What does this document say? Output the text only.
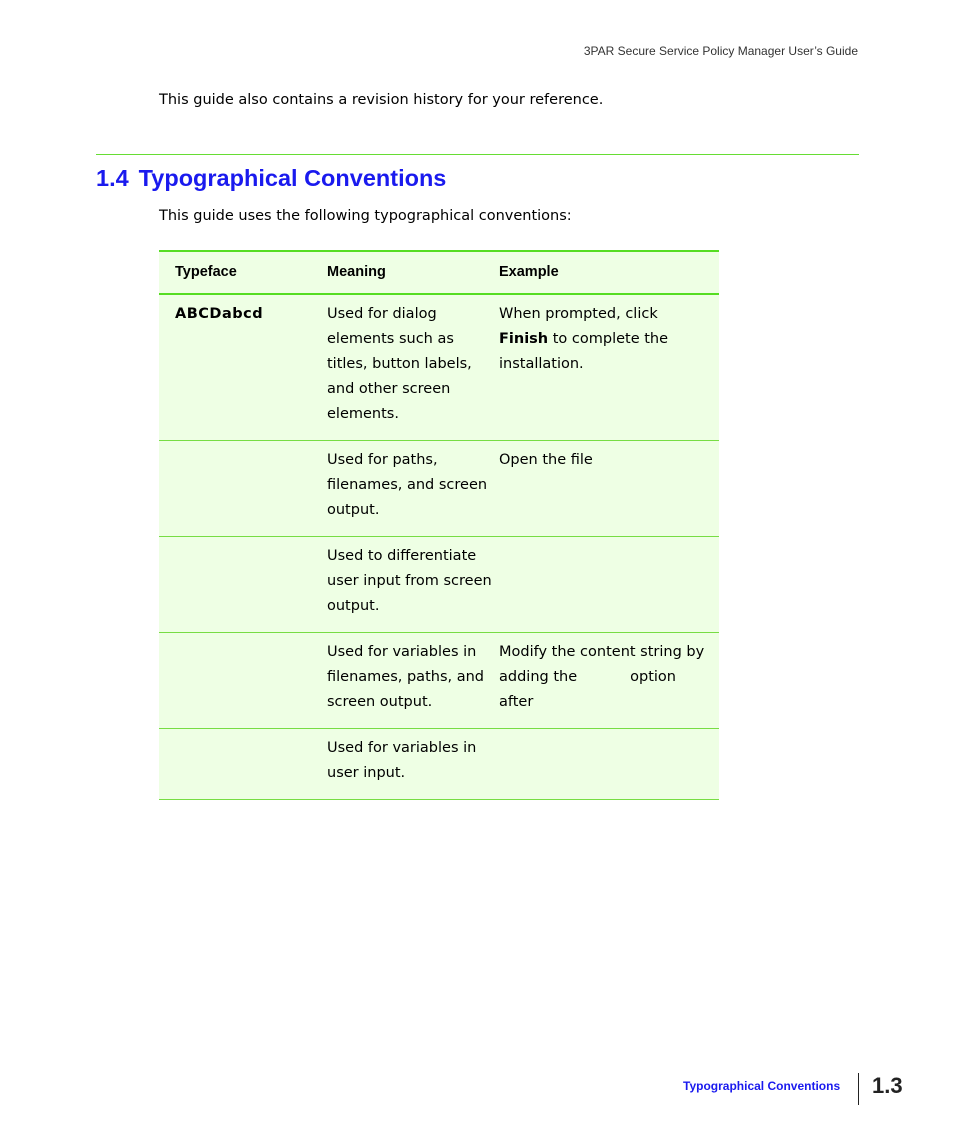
3PAR Secure Service Policy Manager User’s Guide

This guide also contains a revision history for your reference.

1.4 Typographical Conventions

This guide uses the following typographical conventions:

Typeface	Meaning	Example
ABCDabcd	Used for dialog elements such as titles, button labels, and other screen elements.	When prompted, click Finish to complete the installation.
	Used for paths, filenames, and screen output.	Open the file
	Used to differentiate user input from screen output.	
	Used for variables in filenames, paths, and screen output.	Modify the content string by
adding the option
after

	Used for variables in user input.	
Typographical Conventions 1.3
